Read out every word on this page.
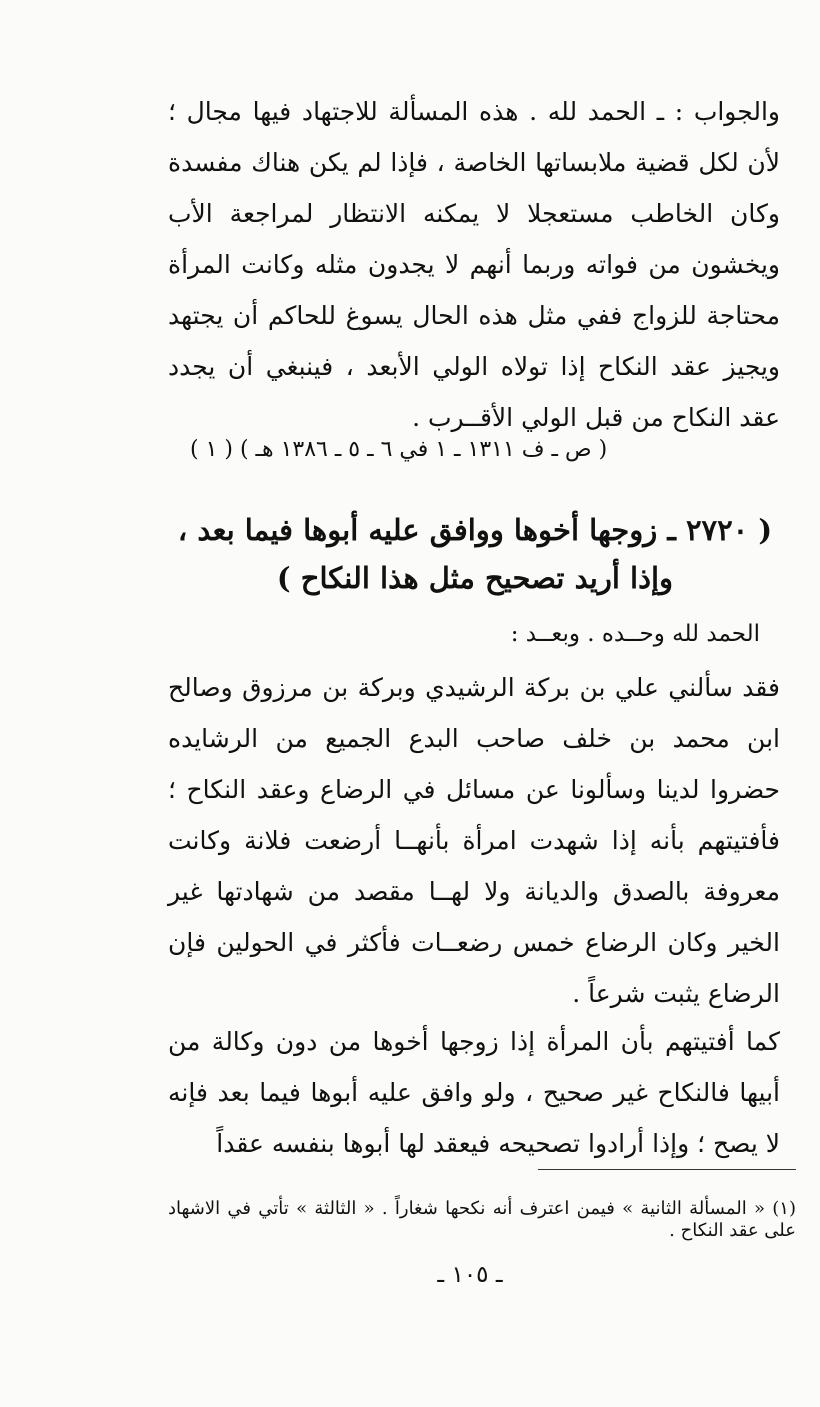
والجواب : ـ الحمد لله . هذه المسألة للاجتهاد فيها مجال ؛ لأن لكل قضية ملابساتها الخاصة ، فإذا لم يكن هناك مفسدة وكان الخاطب مستعجلا لا يمكنه الانتظار لمراجعة الأب ويخشون من فواته وربما أنهم لا يجدون مثله وكانت المرأة محتاجة للزواج ففي مثل هذه الحال يسوغ للحاكم أن يجتهد ويجيز عقد النكاح إذا تولاه الولي الأبعد ، فينبغي أن يجدد عقد النكاح من قبل الولي الأقــرب .

( ص ـ ف ١٣١١ ـ ١ في ٦ ـ ٥ ـ ١٣٨٦ هـ ) ( ١ )
( ٢٧٢٠ ـ زوجها أخوها ووافق عليه أبوها فيما بعد ،
وإذا أريد تصحيح مثل هذا النكاح )
الحمد لله وحــده . وبعــد :

فقد سألني علي بن بركة الرشيدي وبركة بن مرزوق وصالح ابن محمد بن خلف صاحب البدع الجميع من الرشايده حضروا لدينا وسألونا عن مسائل في الرضاع وعقد النكاح ؛ فأفتيتهم بأنه إذا شهدت امرأة بأنهــا أرضعت فلانة وكانت معروفة بالصدق والديانة ولا لهــا مقصد من شهادتها غير الخير وكان الرضاع خمس رضعــات فأكثر في الحولين فإن الرضاع يثبت شرعاً .

كما أفتيتهم بأن المرأة إذا زوجها أخوها من دون وكالة من أبيها فالنكاح غير صحيح ، ولو وافق عليه أبوها فيما بعد فإنه لا يصح ؛ وإذا أرادوا تصحيحه فيعقد لها أبوها بنفسه عقداً

(١) « المسألة الثانية » فيمن اعترف أنه نكحها شغاراً . « الثالثة » تأتي في الاشهاد على عقد النكاح .

ـ ١٠٥ ـ
